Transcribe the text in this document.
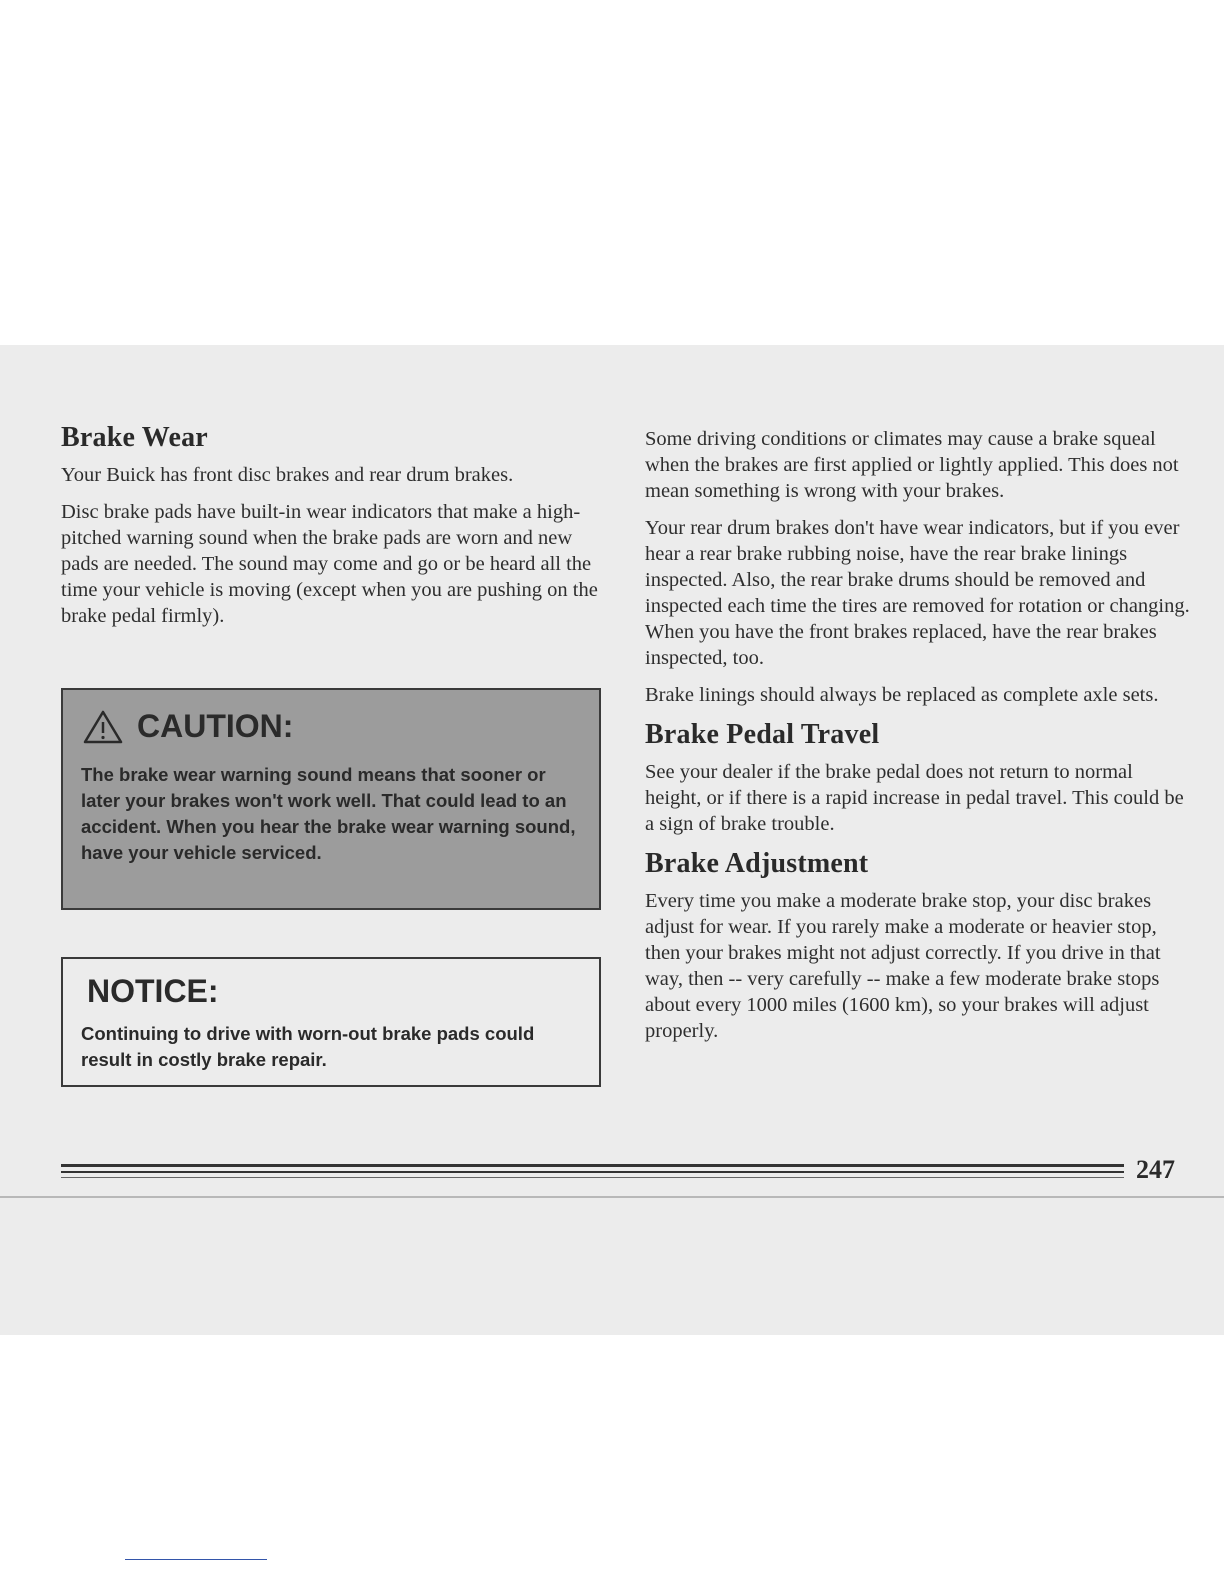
Brake Wear

Your Buick has front disc brakes and rear drum brakes.

Disc brake pads have built-in wear indicators that make a high-pitched warning sound when the brake pads are worn and new pads are needed. The sound may come and go or be heard all the time your vehicle is moving (except when you are pushing on the brake pedal firmly).

CAUTION:
The brake wear warning sound means that sooner or later your brakes won't work well. That could lead to an accident. When you hear the brake wear warning sound, have your vehicle serviced.
NOTICE:
Continuing to drive with worn-out brake pads could result in costly brake repair.

Some driving conditions or climates may cause a brake squeal when the brakes are first applied or lightly applied. This does not mean something is wrong with your brakes.

Your rear drum brakes don't have wear indicators, but if you ever hear a rear brake rubbing noise, have the rear brake linings inspected. Also, the rear brake drums should be removed and inspected each time the tires are removed for rotation or changing. When you have the front brakes replaced, have the rear brakes inspected, too.

Brake linings should always be replaced as complete axle sets.

Brake Pedal Travel

See your dealer if the brake pedal does not return to normal height, or if there is a rapid increase in pedal travel. This could be a sign of brake trouble.

Brake Adjustment

Every time you make a moderate brake stop, your disc brakes adjust for wear. If you rarely make a moderate or heavier stop, then your brakes might not adjust correctly. If you drive in that way, then -- very carefully -- make a few moderate brake stops about every 1000 miles (1600 km), so your brakes will adjust properly.

247
